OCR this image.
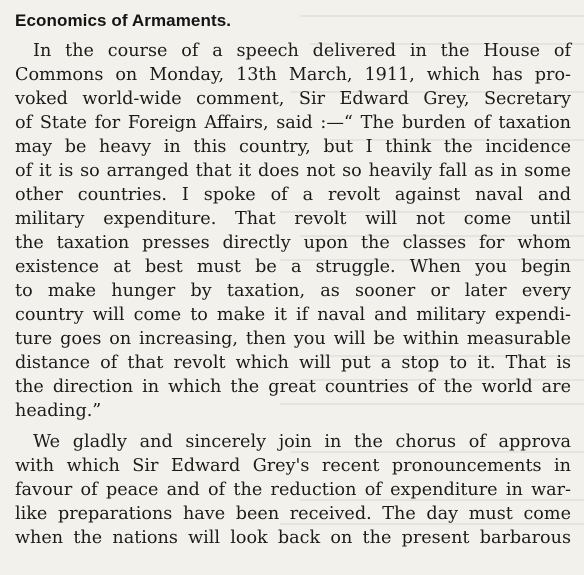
Economics of Armaments.
In the course of a speech delivered in the House of
Commons on Monday, 13th March, 1911, which has pro-
voked world-wide comment, Sir Edward Grey, Secretary
of State for Foreign Affairs, said :—“ The burden of taxation
may be heavy in this country, but I think the incidence
of it is so arranged that it does not so heavily fall as in some
other countries. I spoke of a revolt against naval and
military expenditure. That revolt will not come until
the taxation presses directly upon the classes for whom
existence at best must be a struggle. When you begin
to make hunger by taxation, as sooner or later every
country will come to make it if naval and military expendi-
ture goes on increasing, then you will be within measurable
distance of that revolt which will put a stop to it. That is
the direction in which the great countries of the world are
heading.”
We gladly and sincerely join in the chorus of approva
with which Sir Edward Grey's recent pronouncements in
favour of peace and of the reduction of expenditure in war-
like preparations have been received. The day must come
when the nations will look back on the present barbarous
